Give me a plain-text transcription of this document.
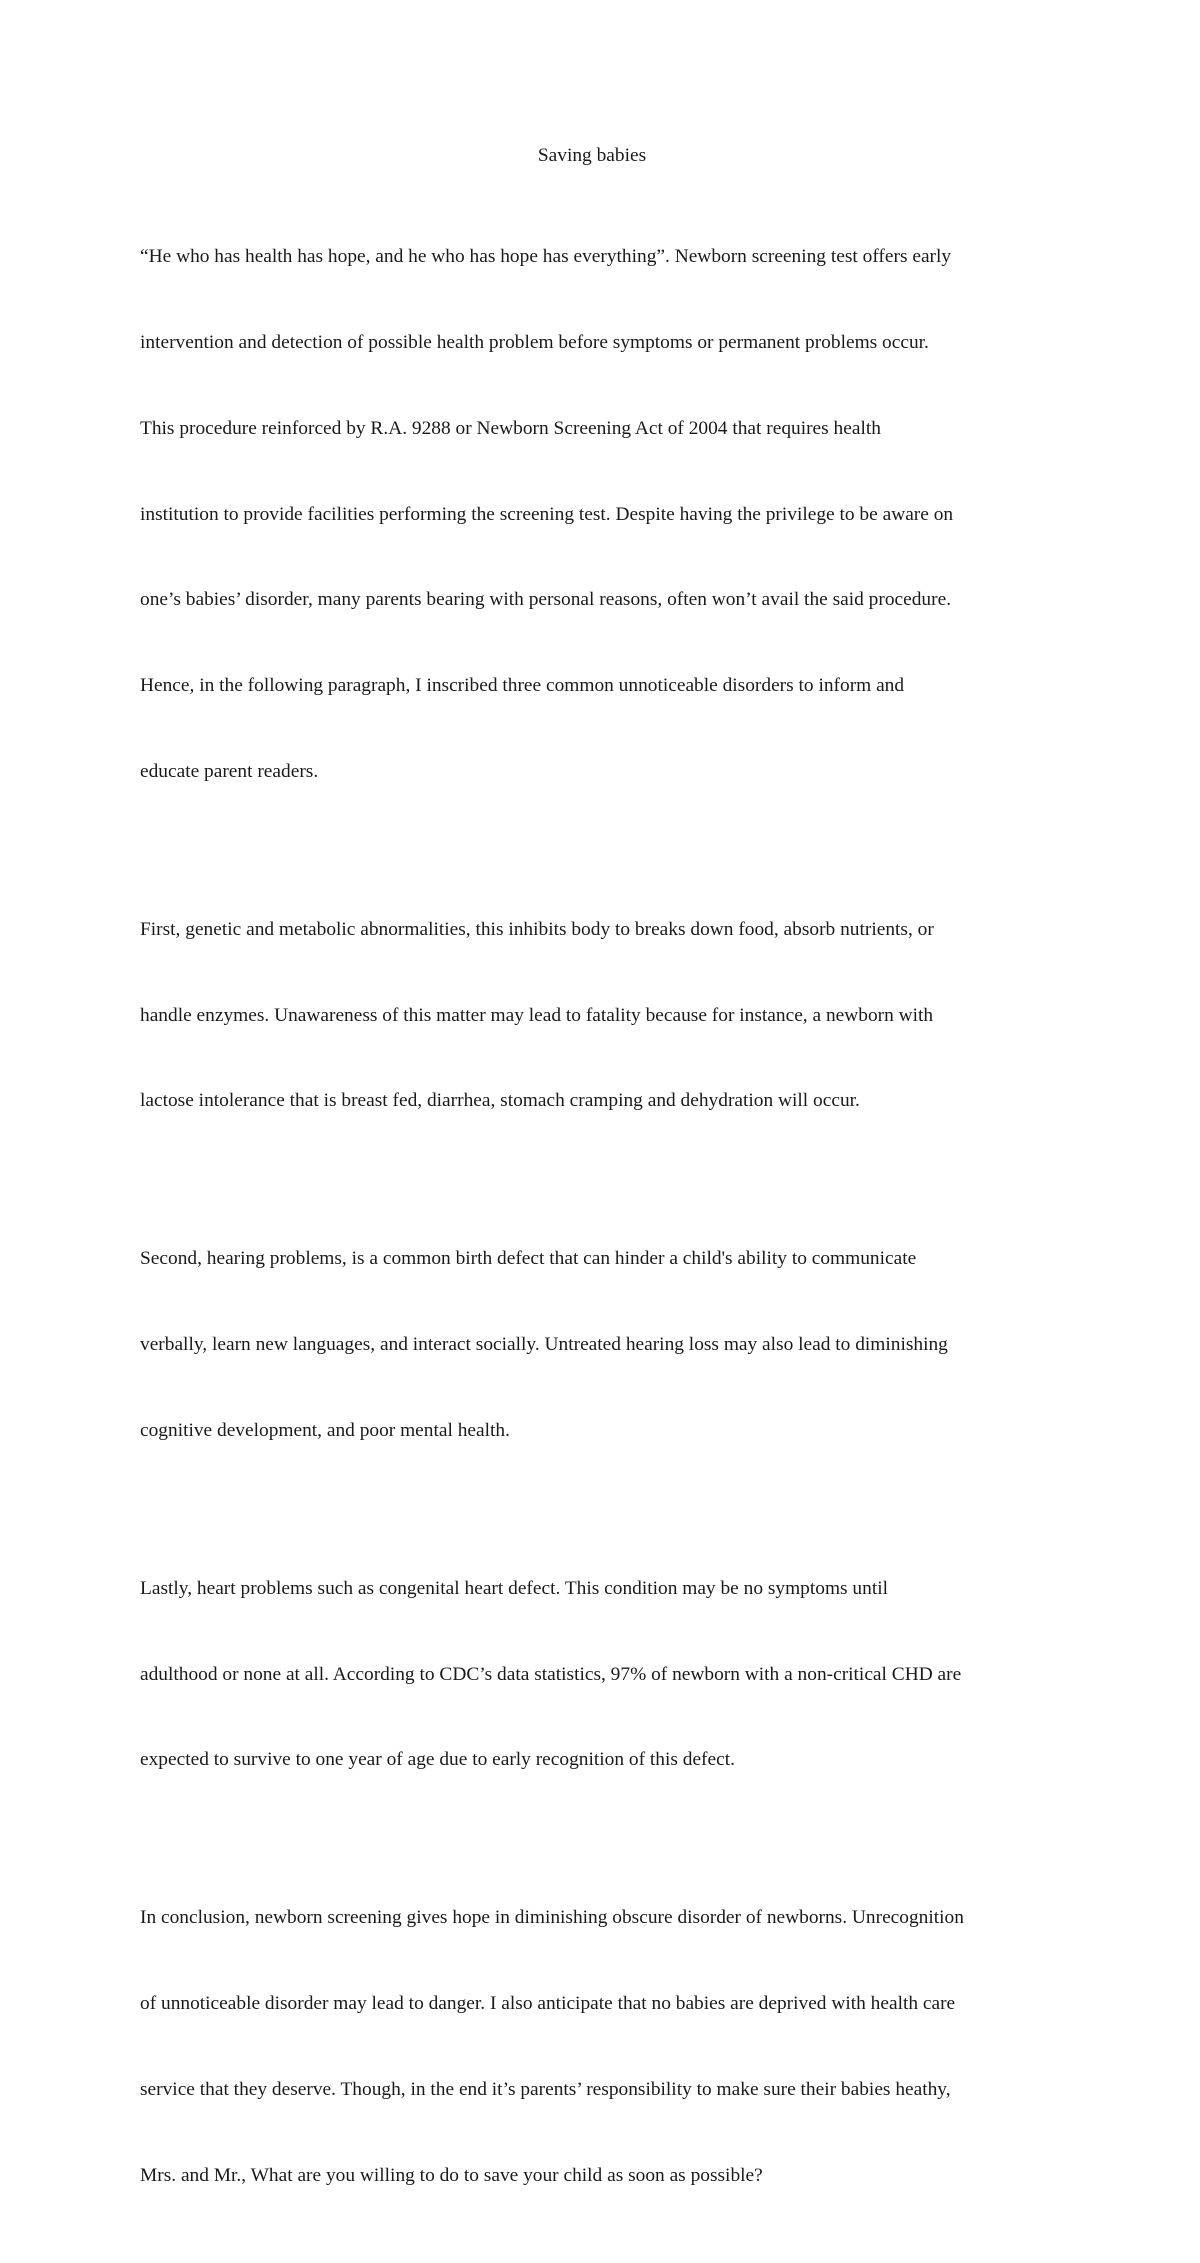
Saving babies

“He who has health has hope, and he who has hope has everything”. Newborn screening test offers early

intervention and detection of possible health problem before symptoms or permanent problems occur.

This procedure reinforced by R.A. 9288 or Newborn Screening Act of 2004 that requires health

institution to provide facilities performing the screening test. Despite having the privilege to be aware on

one’s babies’ disorder, many parents bearing with personal reasons, often won’t avail the said procedure.

Hence, in the following paragraph, I inscribed three common unnoticeable disorders to inform and

educate parent readers.

First, genetic and metabolic abnormalities, this inhibits body to breaks down food, absorb nutrients, or

handle enzymes. Unawareness of this matter may lead to fatality because for instance, a newborn with

lactose intolerance that is breast fed, diarrhea, stomach cramping and dehydration will occur.

Second, hearing problems, is a common birth defect that can hinder a child's ability to communicate

verbally, learn new languages, and interact socially. Untreated hearing loss may also lead to diminishing

cognitive development, and poor mental health.

Lastly, heart problems such as congenital heart defect. This condition may be no symptoms until

adulthood or none at all. According to CDC’s data statistics, 97% of newborn with a non-critical CHD are

expected to survive to one year of age due to early recognition of this defect.

In conclusion, newborn screening gives hope in diminishing obscure disorder of newborns. Unrecognition

of unnoticeable disorder may lead to danger. I also anticipate that no babies are deprived with health care

service that they deserve. Though, in the end it’s parents’ responsibility to make sure their babies heathy,

Mrs. and Mr., What are you willing to do to save your child as soon as possible?
